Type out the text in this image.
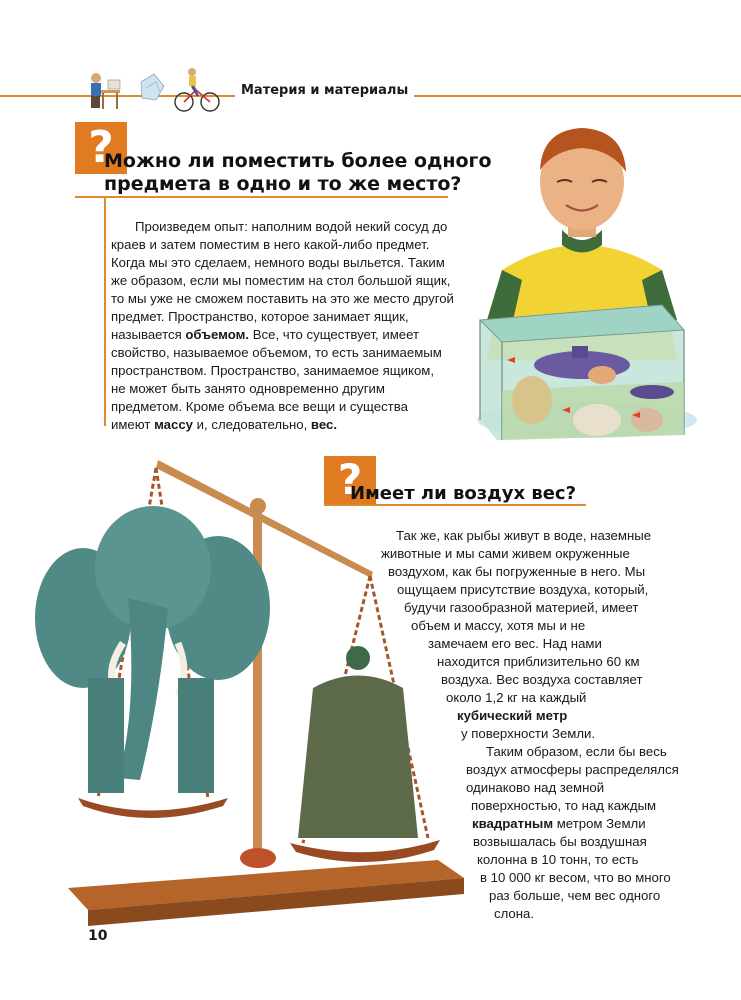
Материя и материалы
?
Можно ли поместить более одного
предмета в одно и то же место?

Произведем опыт: наполним водой некий сосуд до

краев и затем поместим в него какой-либо предмет.

Когда мы это сделаем, немного воды выльется. Таким

же образом, если мы поместим на стол большой ящик,

то мы уже не сможем поставить на это же место другой

предмет. Пространство, которое занимает ящик,

называется объемом. Все, что существует, имеет

свойство, называемое объемом, то есть занимаемым

пространством. Пространство, занимаемое ящиком,

не может быть занято одновременно другим

предметом. Кроме объема все вещи и существа

имеют массу и, следовательно, вес.

?
Имеет ли воздух вес?
Так же, как рыбы живут в воде, наземные
животные и мы сами живем окруженные
воздухом, как бы погруженные в него. Мы
ощущаем присутствие воздуха, который,
будучи газообразной материей, имеет
объем и массу, хотя мы и не
замечаем его вес. Над нами
находится приблизительно 60 км
воздуха. Вес воздуха составляет
около 1,2 кг на каждый
кубический метр
у поверхности Земли.
Таким образом, если бы весь
воздух атмосферы распределялся
одинаково над земной
поверхностью, то над каждым
квадратным метром Земли
возвышалась бы воздушная
колонна в 10 тонн, то есть
в 10 000 кг весом, что во много
раз больше, чем вес одного
слона.
10
